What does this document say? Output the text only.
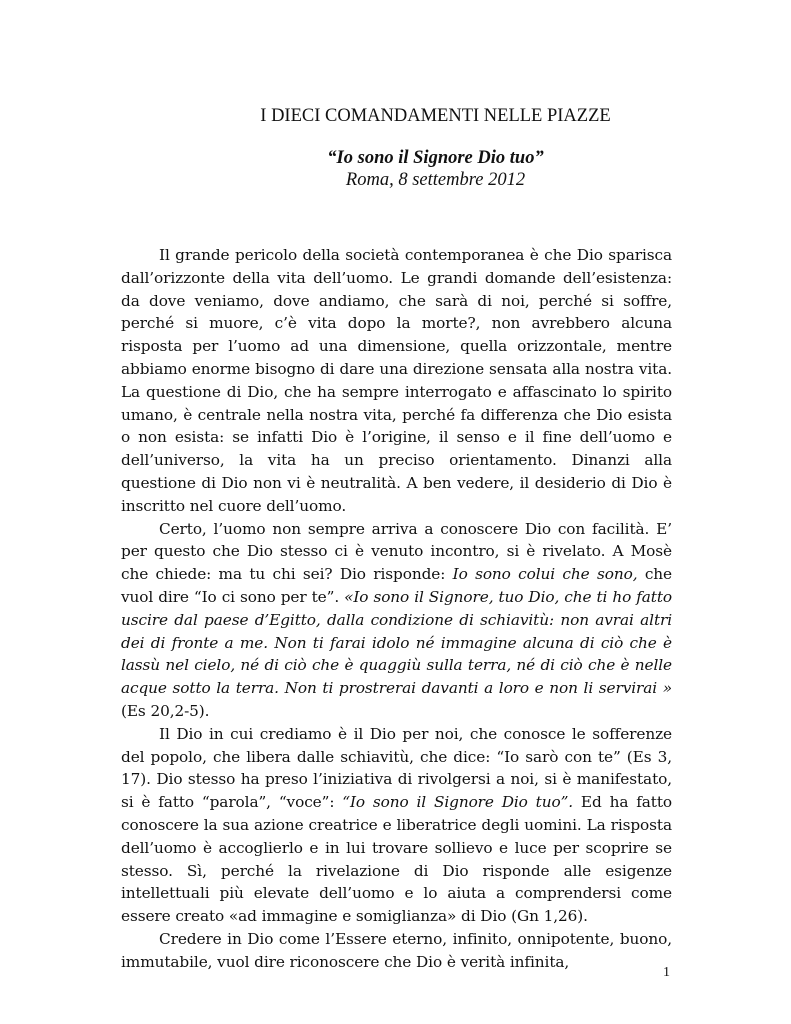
I DIECI COMANDAMENTI NELLE PIAZZE
“Io sono il Signore Dio tuo”
Roma, 8 settembre 2012

Il grande pericolo della società contemporanea è che Dio sparisca dall’orizzonte della vita dell’uomo. Le grandi domande dell’esistenza: da dove veniamo, dove andiamo, che sarà di noi, perché si soffre, perché si muore, c’è vita dopo la morte?, non avrebbero alcuna risposta per l’uomo ad una dimensione, quella orizzontale, mentre abbiamo enorme bisogno di dare una direzione sensata alla nostra vita. La questione di Dio, che ha sempre interrogato e affascinato lo spirito umano, è centrale nella nostra vita, perché fa differenza che Dio esista o non esista: se infatti Dio è l’origine, il senso e il fine dell’uomo e dell’universo, la vita ha un preciso orientamento. Dinanzi alla questione di Dio non vi è neutralità. A ben vedere, il desiderio di Dio è inscritto nel cuore dell’uomo.

Certo, l’uomo non sempre arriva a conoscere Dio con facilità. E’ per questo che Dio stesso ci è venuto incontro, si è rivelato. A Mosè che chiede: ma tu chi sei? Dio risponde: Io sono colui che sono, che vuol dire “Io ci sono per te”. «Io sono il Signore, tuo Dio, che ti ho fatto uscire dal paese d’Egitto, dalla condizione di schiavitù: non avrai altri dei di fronte a me. Non ti farai idolo né immagine alcuna di ciò che è lassù nel cielo, né di ciò che è quaggiù sulla terra, né di ciò che è nelle acque sotto la terra. Non ti prostrerai davanti a loro e non li servirai » (Es 20,2-5).

Il Dio in cui crediamo è il Dio per noi, che conosce le sofferenze del popolo, che libera dalle schiavitù, che dice: “Io sarò con te” (Es 3, 17). Dio stesso ha preso l’iniziativa di rivolgersi a noi, si è manifestato, si è fatto “parola”, “voce”: “Io sono il Signore Dio tuo”. Ed ha fatto conoscere la sua azione creatrice e liberatrice degli uomini. La risposta dell’uomo è accoglierlo e in lui trovare sollievo e luce per scoprire se stesso. Sì, perché la rivelazione di Dio risponde alle esigenze intellettuali più elevate dell’uomo e lo aiuta a comprendersi come essere creato «ad immagine e somiglianza» di Dio (Gn 1,26).

Credere in Dio come l’Essere eterno, infinito, onnipotente, buono, immutabile, vuol dire riconoscere che Dio è verità infinita,

1
